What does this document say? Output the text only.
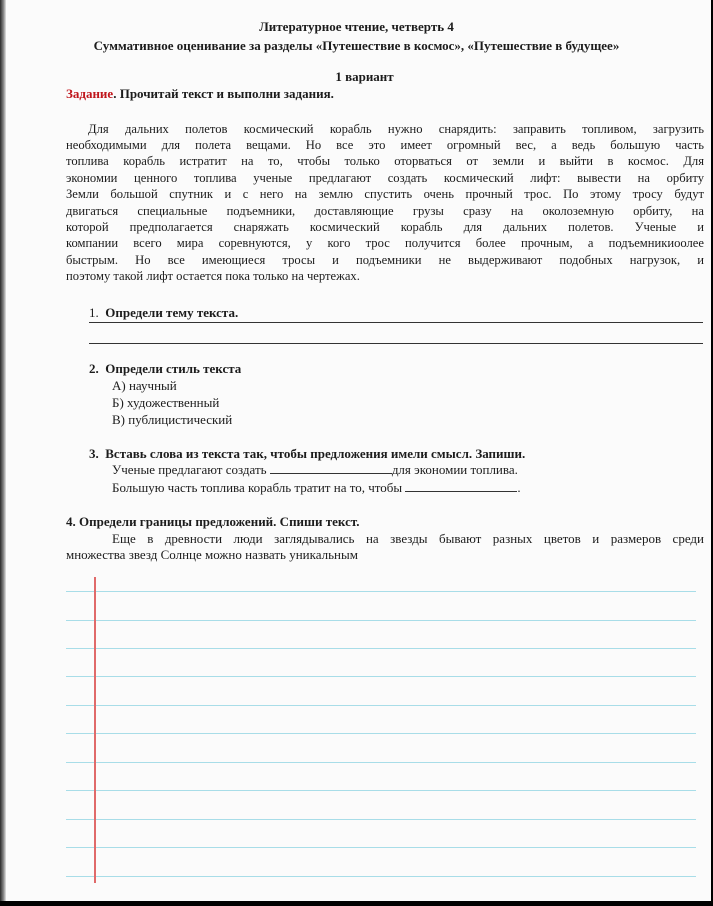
Литературное чтение, четверть 4

Суммативное оценивание за разделы «Путешествие в космос», «Путешествие в будущее»

1 вариант

Задание. Прочитай текст и выполни задания.

Для дальних полетов космический корабль нужно снарядить: заправить топливом, загрузить

необходимыми для полета вещами. Но все это имеет огромный вес, а ведь большую часть

топлива корабль истратит на то, чтобы только оторваться от земли и выйти в космос. Для

экономии ценного топлива ученые предлагают создать космический лифт: вывести на орбиту

Земли большой спутник и с него на землю спустить очень прочный трос. По этому тросу будут

двигаться специальные подъемники, доставляющие грузы сразу на околоземную орбиту, на

которой предполагается снаряжать космический корабль для дальних полетов. Ученые и

компании всего мира соревнуются, у кого трос получится более прочным, а подъемникиоолее

быстрым. Но все имеющиеся тросы и подъемники не выдерживают подобных нагрузок, и

поэтому такой лифт остается пока только на чертежах.

1. Определи тему текста.

2. Определи стиль текста

А) научный

Б) художественный

В) публицистический

3. Вставь слова из текста так, чтобы предложения имели смысл. Запиши.

Ученые предлагают создать	для экономии топлива.

Большую часть топлива корабль тратит на то, чтобы	.

4. Определи границы предложений. Спиши текст.

Еще в древности люди заглядывались на звезды бывают разных цветов и размеров среди

множества звезд Солнце можно назвать уникальным
